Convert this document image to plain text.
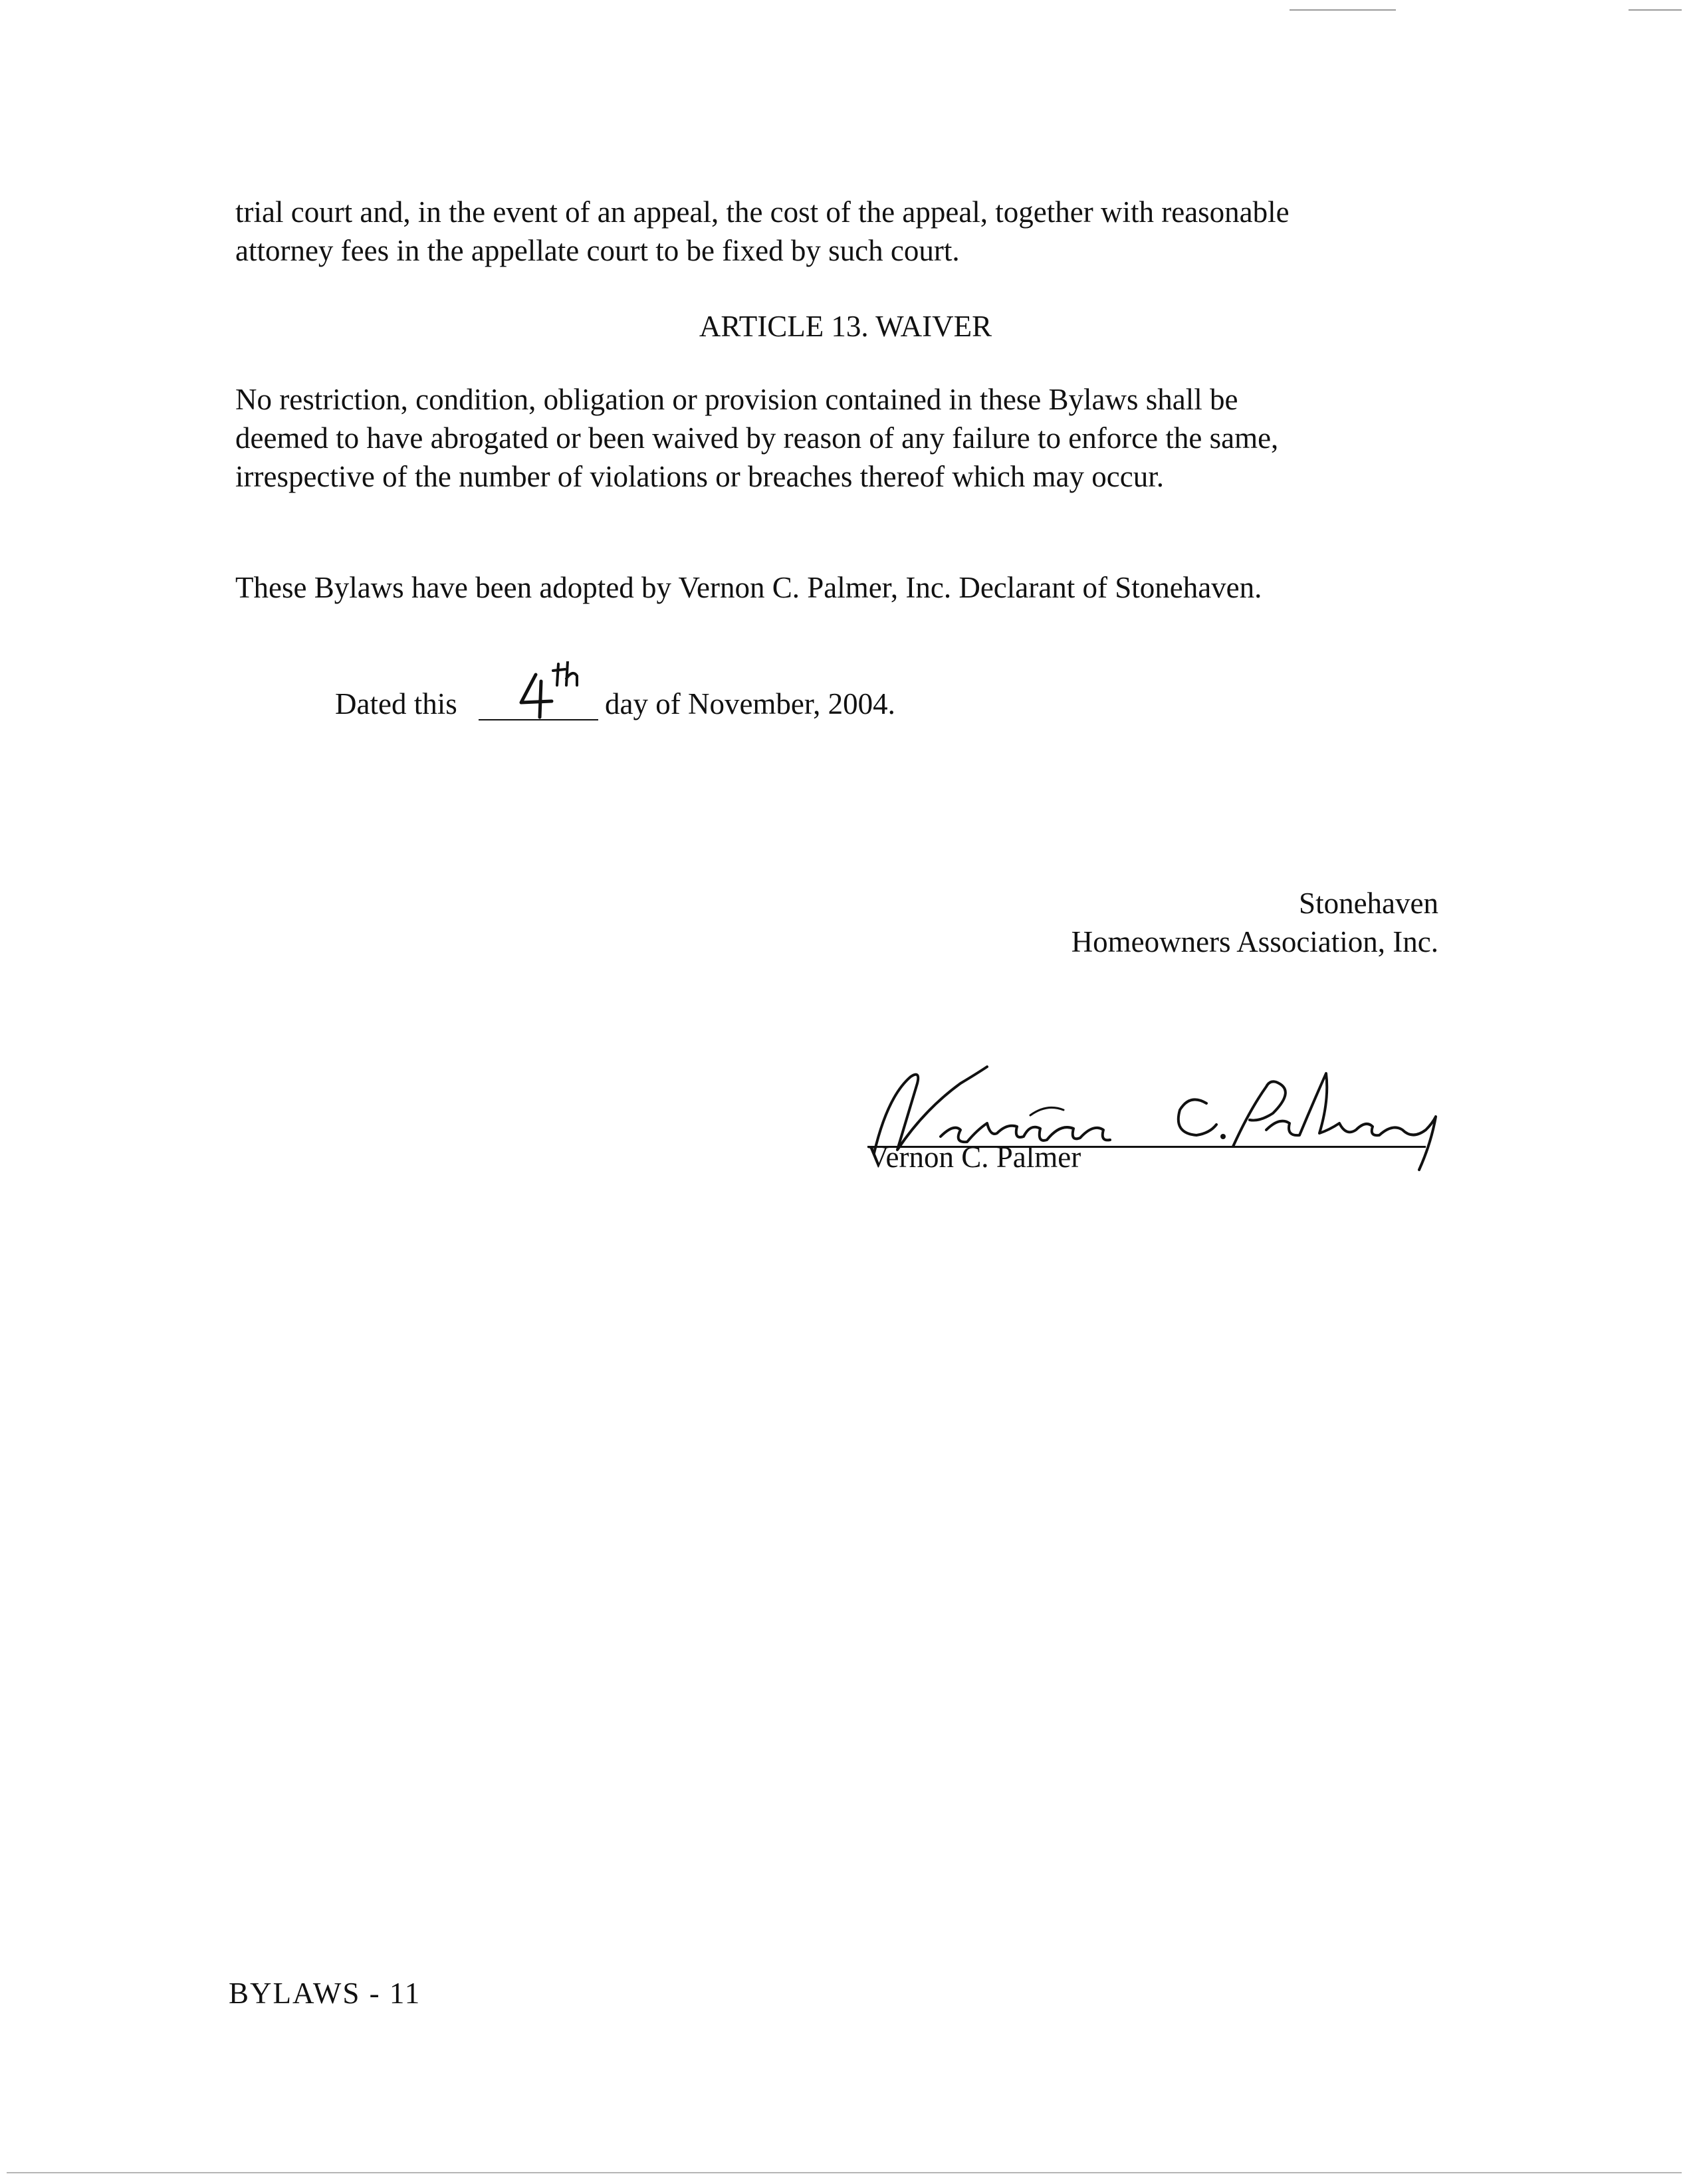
trial court and, in the event of an appeal, the cost of the appeal, together with reasonable
attorney fees in the appellate court to be fixed by such court.

ARTICLE 13. WAIVER

No restriction, condition, obligation or provision contained in these Bylaws shall be
deemed to have abrogated or been waived by reason of any failure to enforce the same,
irrespective of the number of violations or breaches thereof which may occur.

These Bylaws have been adopted by Vernon C. Palmer, Inc. Declarant of Stonehaven.

Dated this	day of November, 2004.

Stonehaven
Homeowners Association, Inc.

Vernon C. Palmer

BYLAWS - 11
